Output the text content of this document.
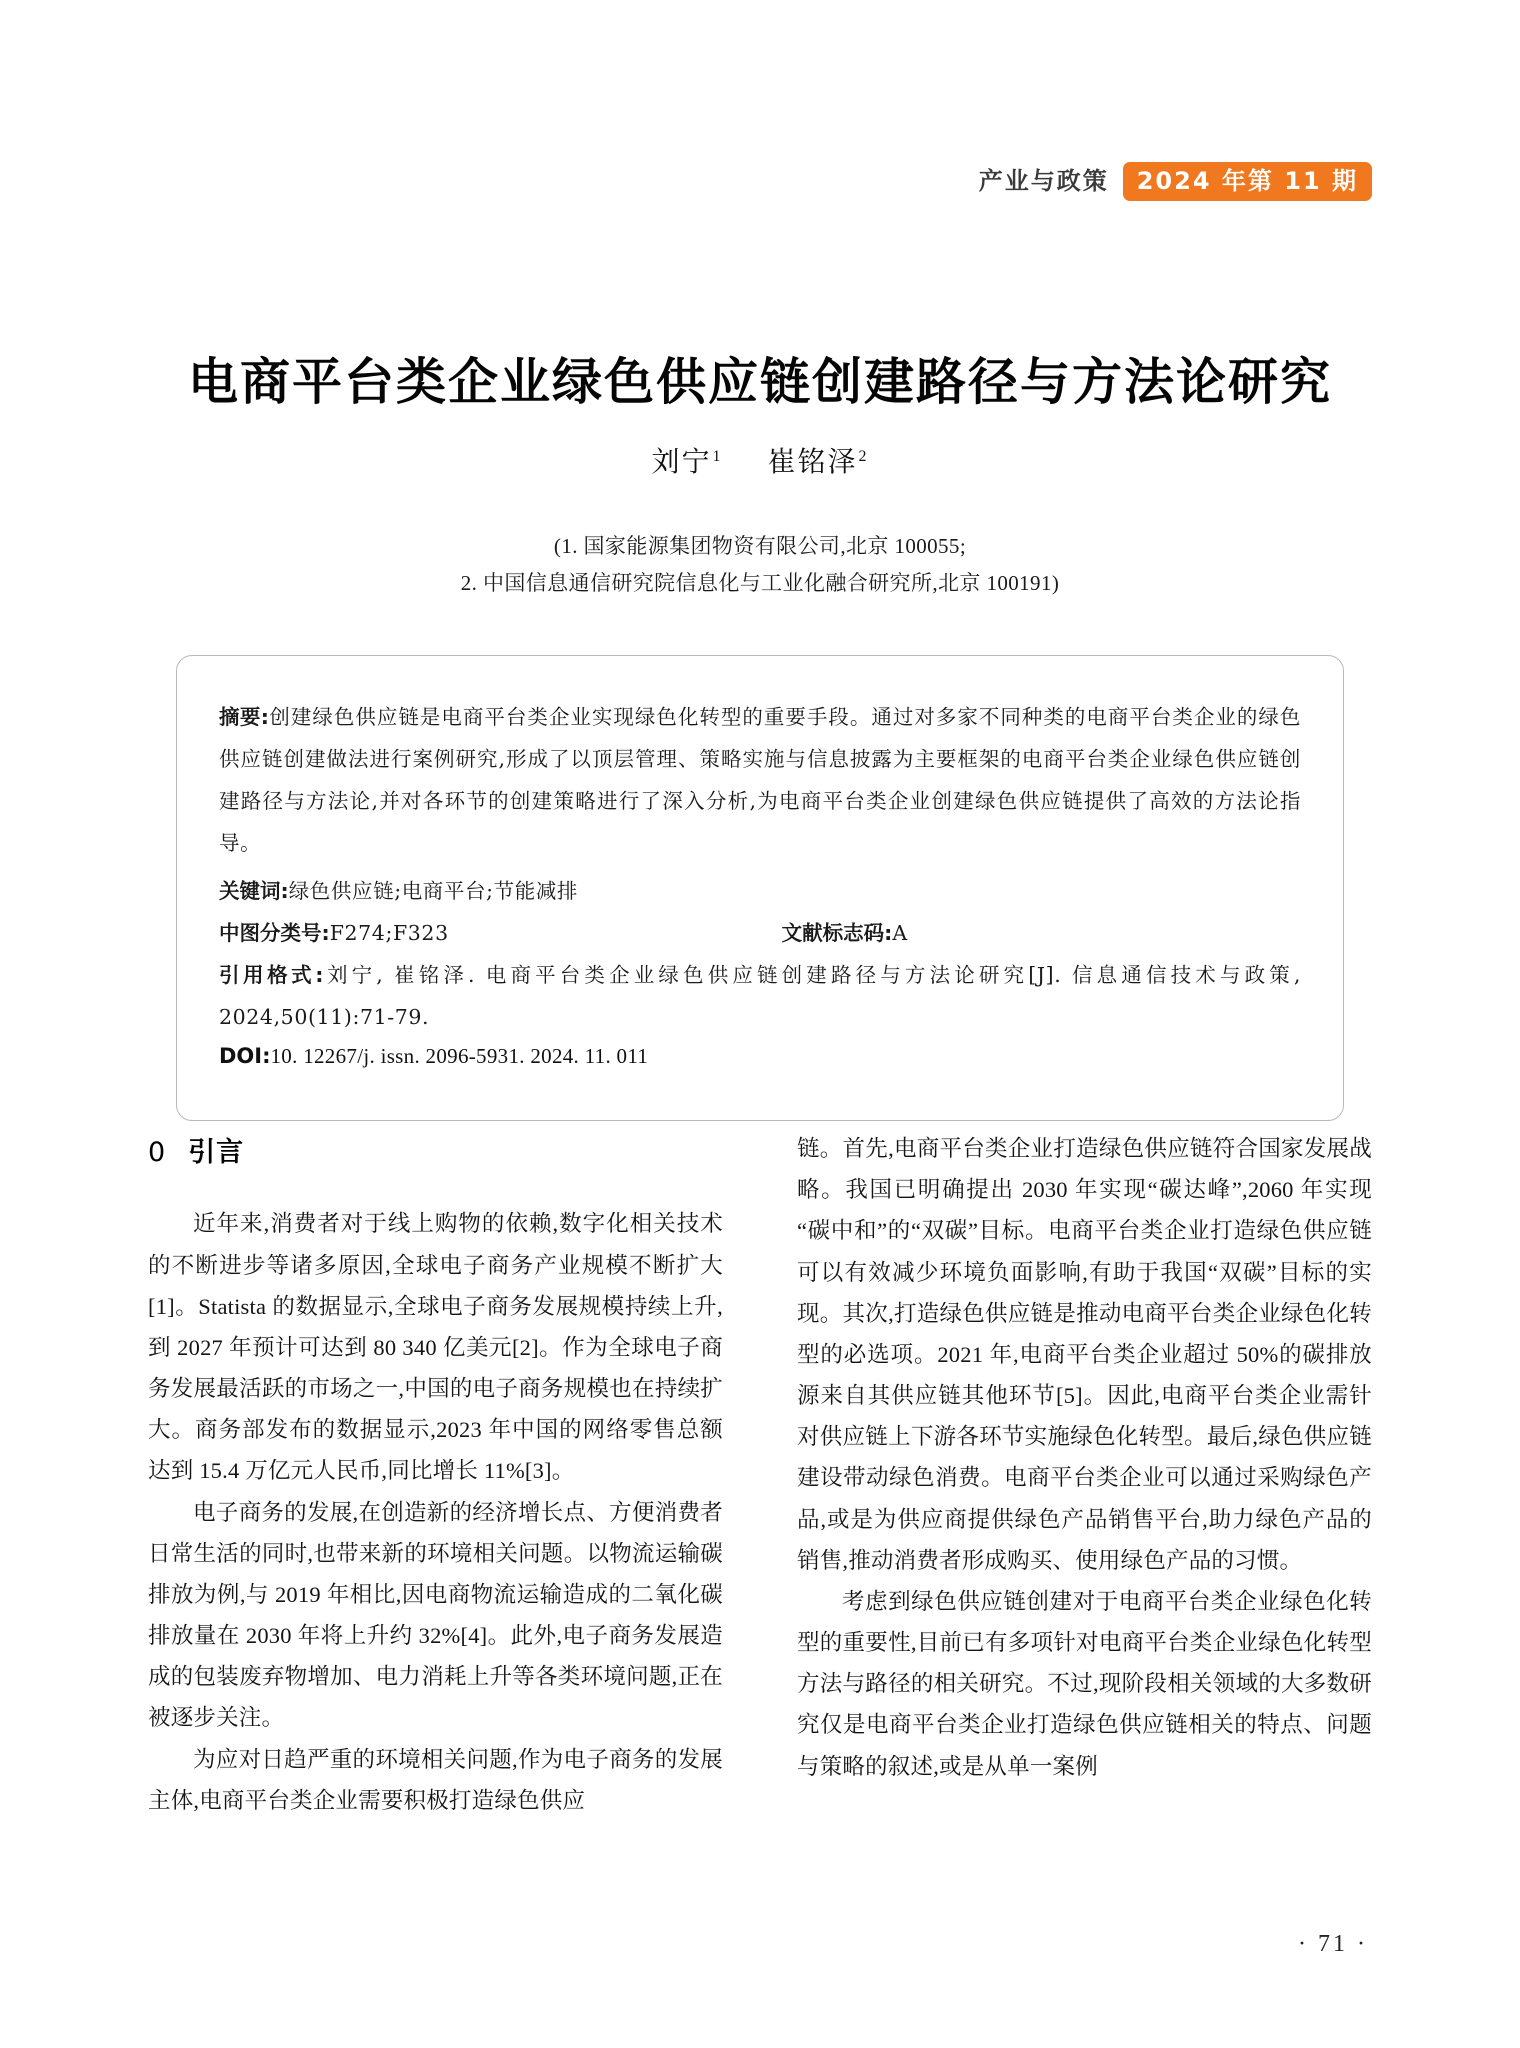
产业与政策	2024 年第 11 期
电商平台类企业绿色供应链创建路径与方法论研究
刘宁$^1$ 崔铭泽$^2$
(1. 国家能源集团物资有限公司,北京 100055;
2. 中国信息通信研究院信息化与工业化融合研究所,北京 100191)

摘要:创建绿色供应链是电商平台类企业实现绿色化转型的重要手段。通过对多家不同种类的电商平台类企业的绿色供应链创建做法进行案例研究,形成了以顶层管理、策略实施与信息披露为主要框架的电商平台类企业绿色供应链创建路径与方法论,并对各环节的创建策略进行了深入分析,为电商平台类企业创建绿色供应链提供了高效的方法论指导。

关键词:绿色供应链;电商平台;节能减排

中图分类号:F274;F323	文献标志码:A

引用格式:刘宁, 崔铭泽. 电商平台类企业绿色供应链创建路径与方法论研究[J]. 信息通信技术与政策, 2024,50(11):71-79.

DOI:10. 12267/j. issn. 2096-5931. 2024. 11. 011

0 引言

近年来,消费者对于线上购物的依赖,数字化相关技术的不断进步等诸多原因,全球电子商务产业规模不断扩大[1]。Statista 的数据显示,全球电子商务发展规模持续上升,到 2027 年预计可达到 80 340 亿美元[2]。作为全球电子商务发展最活跃的市场之一,中国的电子商务规模也在持续扩大。商务部发布的数据显示,2023 年中国的网络零售总额达到 15.4 万亿元人民币,同比增长 11%[3]。

电子商务的发展,在创造新的经济增长点、方便消费者日常生活的同时,也带来新的环境相关问题。以物流运输碳排放为例,与 2019 年相比,因电商物流运输造成的二氧化碳排放量在 2030 年将上升约 32%[4]。此外,电子商务发展造成的包装废弃物增加、电力消耗上升等各类环境问题,正在被逐步关注。

为应对日趋严重的环境相关问题,作为电子商务的发展主体,电商平台类企业需要积极打造绿色供应

链。首先,电商平台类企业打造绿色供应链符合国家发展战略。我国已明确提出 2030 年实现“碳达峰”,2060 年实现“碳中和”的“双碳”目标。电商平台类企业打造绿色供应链可以有效减少环境负面影响,有助于我国“双碳”目标的实现。其次,打造绿色供应链是推动电商平台类企业绿色化转型的必选项。2021 年,电商平台类企业超过 50%的碳排放源来自其供应链其他环节[5]。因此,电商平台类企业需针对供应链上下游各环节实施绿色化转型。最后,绿色供应链建设带动绿色消费。电商平台类企业可以通过采购绿色产品,或是为供应商提供绿色产品销售平台,助力绿色产品的销售,推动消费者形成购买、使用绿色产品的习惯。

考虑到绿色供应链创建对于电商平台类企业绿色化转型的重要性,目前已有多项针对电商平台类企业绿色化转型方法与路径的相关研究。不过,现阶段相关领域的大多数研究仅是电商平台类企业打造绿色供应链相关的特点、问题与策略的叙述,或是从单一案例

· 71 ·
